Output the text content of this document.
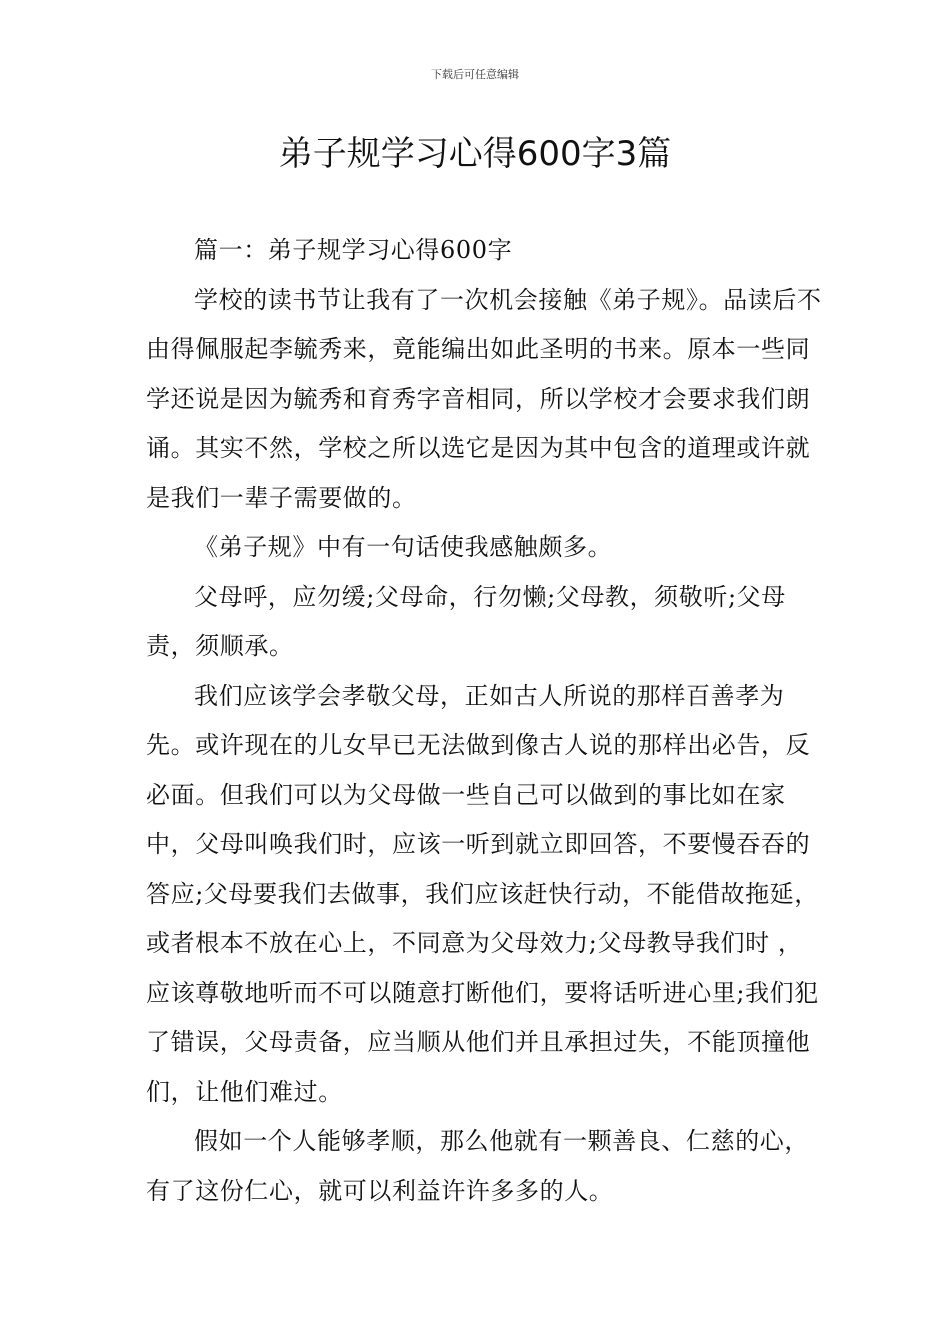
下载后可任意编辑
弟子规学习心得600字3篇

篇一：弟子规学习心得600字

学校的读书节让我有了一次机会接触《弟子规》。品读后不由得佩服起李毓秀来，竟能编出如此圣明的书来。原本一些同学还说是因为毓秀和育秀字音相同，所以学校才会要求我们朗诵。其实不然，学校之所以选它是因为其中包含的道理或许就是我们一辈子需要做的。

《弟子规》中有一句话使我感触颇多。

父母呼，应勿缓;父母命，行勿懒;父母教，须敬听;父母责，须顺承。

我们应该学会孝敬父母，正如古人所说的那样百善孝为先。或许现在的儿女早已无法做到像古人说的那样出必告，反必面。但我们可以为父母做一些自己可以做到的事比如在家中，父母叫唤我们时，应该一听到就立即回答，不要慢吞吞的答应;父母要我们去做事，我们应该赶快行动，不能借故拖延，或者根本不放在心上，不同意为父母效力;父母教导我们时 ，应该尊敬地听而不可以随意打断他们，要将话听进心里;我们犯了错误，父母责备，应当顺从他们并且承担过失，不能顶撞他们，让他们难过。

假如一个人能够孝顺，那么他就有一颗善良、仁慈的心，有了这份仁心，就可以利益许许多多的人。
